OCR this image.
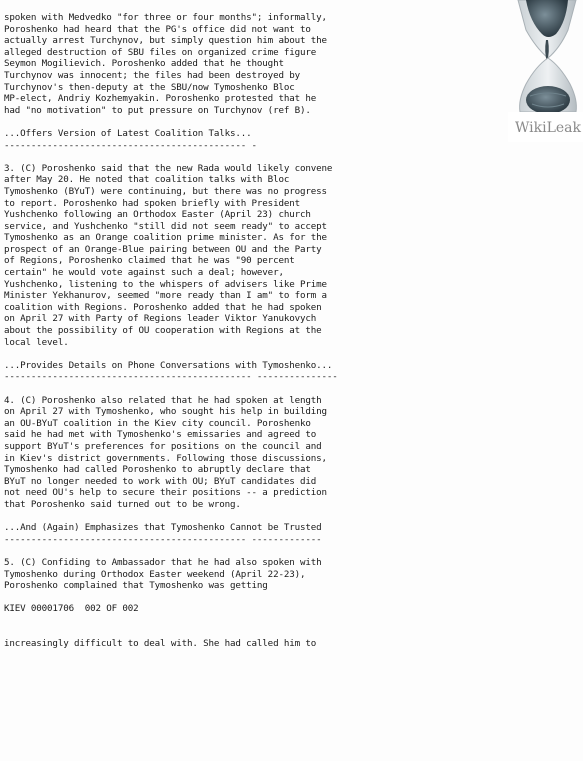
WikiLeak
spoken with Medvedko "for three or four months"; informally,
Poroshenko had heard that the PG's office did not want to
actually arrest Turchynov, but simply question him about the
alleged destruction of SBU files on organized crime figure
Seymon Mogilievich. Poroshenko added that he thought
Turchynov was innocent; the files had been destroyed by
Turchynov's then-deputy at the SBU/now Tymoshenko Bloc
MP-elect, Andriy Kozhemyakin. Poroshenko protested that he
had "no motivation" to put pressure on Turchynov (ref B).
...Offers Version of Latest Coalition Talks...
--------------------------------------------- -
3. (C) Poroshenko said that the new Rada would likely convene
after May 20. He noted that coalition talks with Bloc
Tymoshenko (BYuT) were continuing, but there was no progress
to report. Poroshenko had spoken briefly with President
Yushchenko following an Orthodox Easter (April 23) church
service, and Yushchenko "still did not seem ready" to accept
Tymoshenko as an Orange coalition prime minister. As for the
prospect of an Orange-Blue pairing between OU and the Party
of Regions, Poroshenko claimed that he was "90 percent
certain" he would vote against such a deal; however,
Yushchenko, listening to the whispers of advisers like Prime
Minister Yekhanurov, seemed "more ready than I am" to form a
coalition with Regions. Poroshenko added that he had spoken
on April 27 with Party of Regions leader Viktor Yanukovych
about the possibility of OU cooperation with Regions at the
local level.
...Provides Details on Phone Conversations with Tymoshenko...
---------------------------------------------- ---------------
4. (C) Poroshenko also related that he had spoken at length
on April 27 with Tymoshenko, who sought his help in building
an OU-BYuT coalition in the Kiev city council. Poroshenko
said he had met with Tymoshenko's emissaries and agreed to
support BYuT's preferences for positions on the council and
in Kiev's district governments. Following those discussions,
Tymoshenko had called Poroshenko to abruptly declare that
BYuT no longer needed to work with OU; BYuT candidates did
not need OU's help to secure their positions -- a prediction
that Poroshenko said turned out to be wrong.
...And (Again) Emphasizes that Tymoshenko Cannot be Trusted
--------------------------------------------- -------------
5. (C) Confiding to Ambassador that he had also spoken with
Tymoshenko during Orthodox Easter weekend (April 22-23),
Poroshenko complained that Tymoshenko was getting
KIEV 00001706  002 OF 002
increasingly difficult to deal with. She had called him to
